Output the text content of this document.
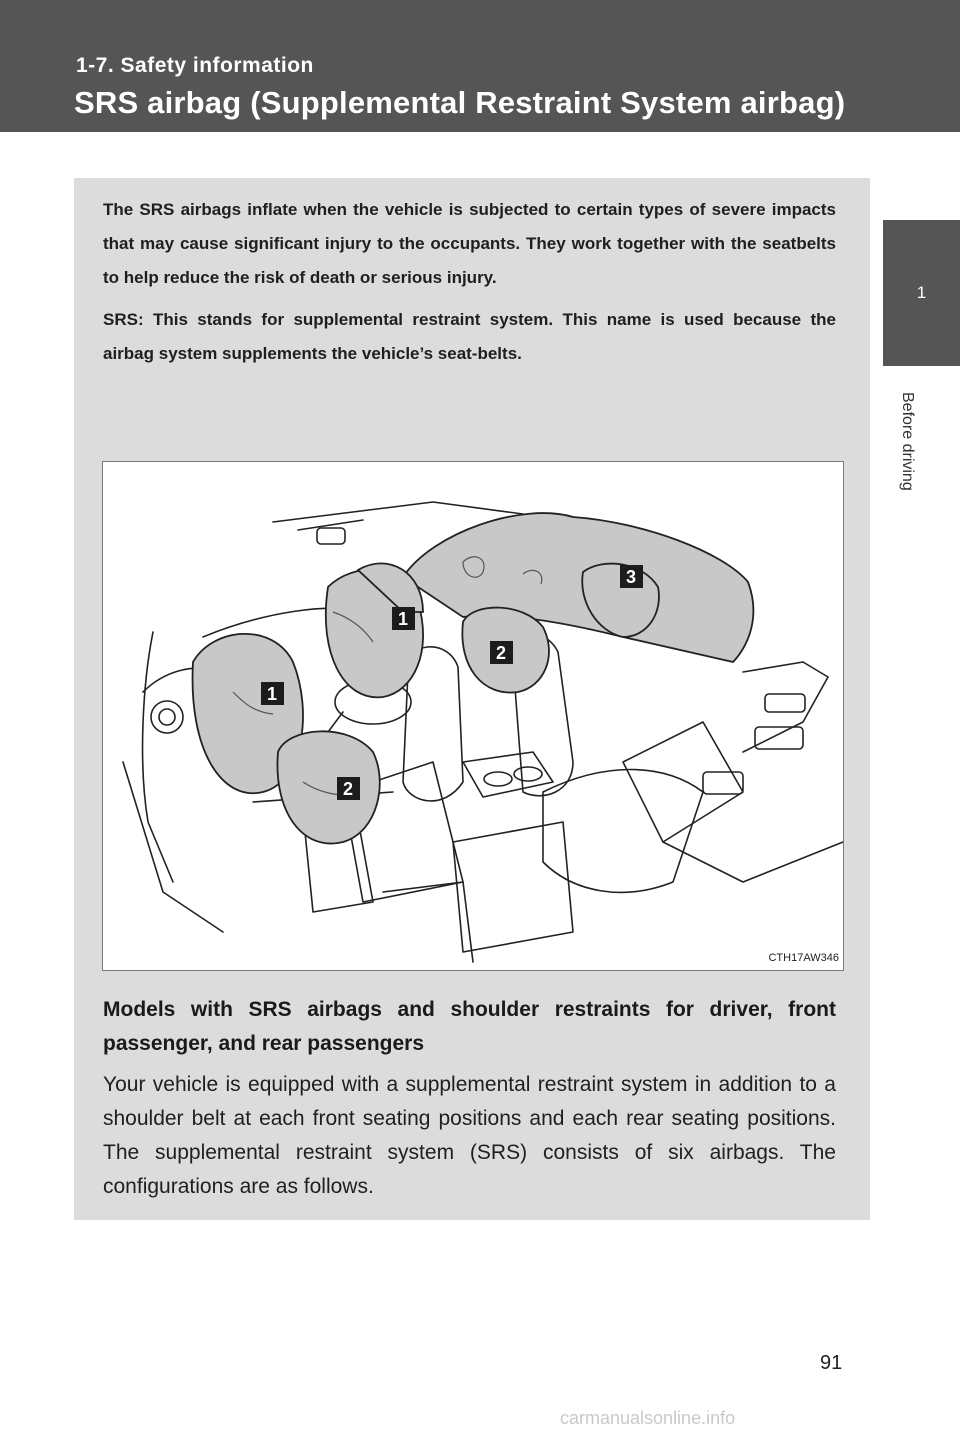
1-7. Safety information
SRS airbag (Supplemental Restraint System airbag)
1
Before driving

The SRS airbags inflate when the vehicle is subjected to certain types of severe impacts that may cause significant injury to the occupants. They work together with the seatbelts to help reduce the risk of death or serious injury.

SRS: This stands for supplemental restraint system. This name is used because the airbag system supplements the vehicle’s seat-belts.

1
1
2
2
3
CTH17AW346
Models with SRS airbags and shoulder restraints for driver, front passenger, and rear passengers
Your vehicle is equipped with a supplemental restraint system in addition to a shoulder belt at each front seating positions and each rear seating positions. The supplemental restraint system (SRS) consists of six airbags. The configurations are as follows.
91
carmanualsonline.info
